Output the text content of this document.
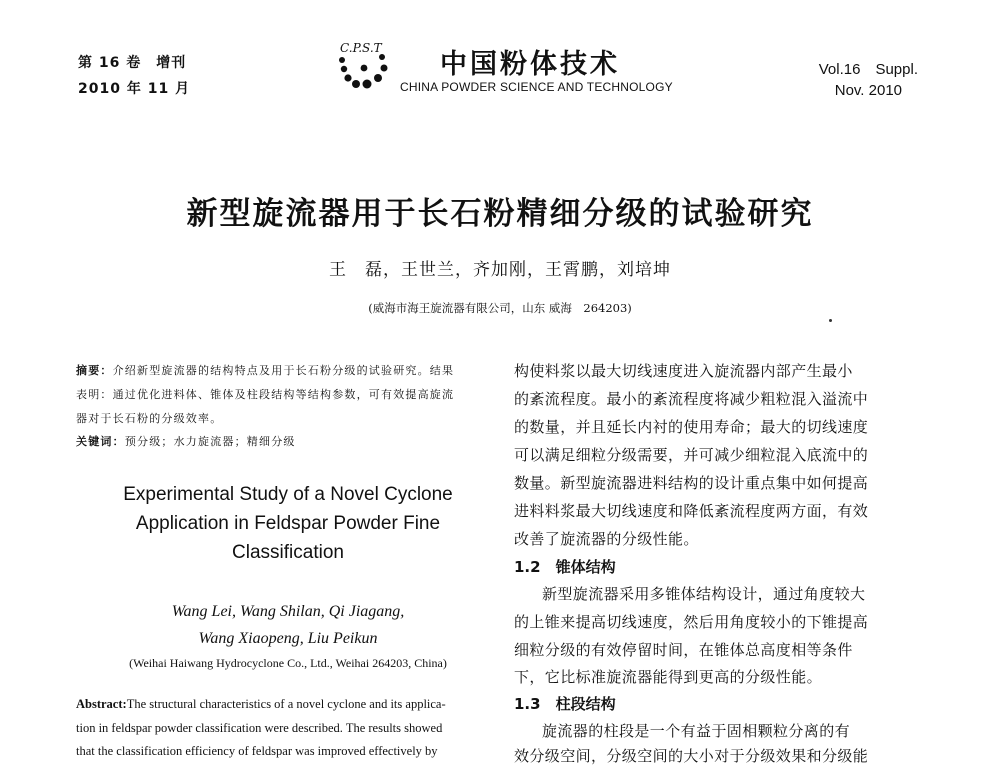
第 16 卷　增刊
2010 年 11 月
C.P.S.T
中国粉体技术
CHINA POWDER SCIENCE AND TECHNOLOGY
Vol.16　Suppl.
Nov. 2010
新型旋流器用于长石粉精细分级的试验研究
王　磊，王世兰，齐加刚，王霄鹏，刘培坤
(威海市海王旋流器有限公司，山东 威海　264203)
摘要：介绍新型旋流器的结构特点及用于长石粉分级的试验研究。结果
表明：通过优化进料体、锥体及柱段结构等结构参数，可有效提高旋流
器对于长石粉的分级效率。
关键词：预分级；水力旋流器；精细分级
Experimental Study of a Novel Cyclone Application in Feldspar Powder Fine Classification
Wang Lei, Wang Shilan, Qi Jiagang,
Wang Xiaopeng, Liu Peikun
(Weihai Haiwang Hydrocyclone Co., Ltd., Weihai 264203, China)
Abstract:The structural characteristics of a novel cyclone and its applica-
tion in feldspar powder classification were described. The results showed
that the classification efficiency of feldspar was improved effectively by
构使料浆以最大切线速度进入旋流器内部产生最小
的紊流程度。最小的紊流程度将减少粗粒混入溢流中
的数量，并且延长内衬的使用寿命；最大的切线速度
可以满足细粒分级需要，并可减少细粒混入底流中的
数量。新型旋流器进料结构的设计重点集中如何提高
进料料浆最大切线速度和降低紊流程度两方面，有效
改善了旋流器的分级性能。
1.2　锥体结构
新型旋流器采用多锥体结构设计，通过角度较大
的上锥来提高切线速度，然后用角度较小的下锥提高
细粒分级的有效停留时间，在锥体总高度相等条件
下，它比标准旋流器能得到更高的分级性能。
1.3　柱段结构
旋流器的柱段是一个有益于固相颗粒分离的有
效分级空间，分级空间的大小对于分级效果和分级能
